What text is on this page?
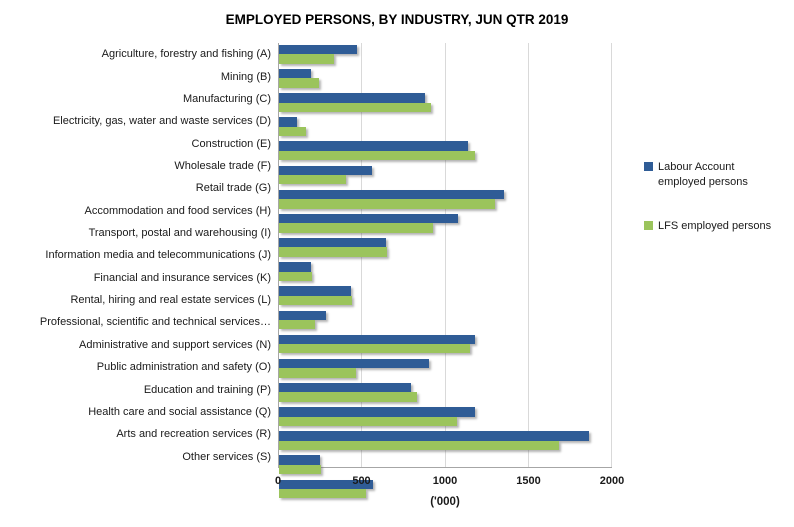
EMPLOYED PERSONS, BY INDUSTRY, JUN QTR 2019
Agriculture, forestry and fishing (A)
Mining (B)
Manufacturing (C)
Electricity, gas, water and waste services (D)
Construction (E)
Wholesale trade (F)
Retail trade (G)
Accommodation and food services (H)
Transport, postal and warehousing (I)
Information media and telecommunications (J)
Financial and insurance services (K)
Rental, hiring and real estate services (L)
Professional, scientific and technical services…
Administrative and support services (N)
Public administration and safety (O)
Education and training (P)
Health care and social assistance (Q)
Arts and recreation services (R)
Other services (S)
0	500	1000	1500	2000
('000)
Labour Account employed persons
LFS employed persons
